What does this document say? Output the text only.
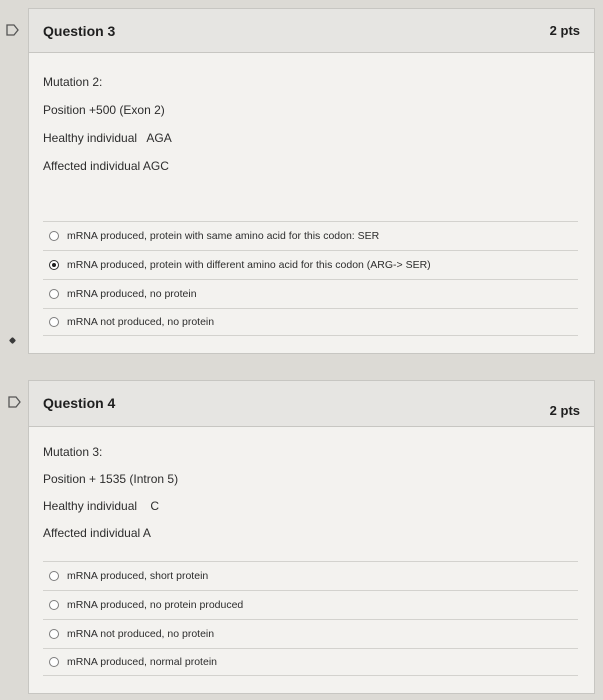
Question 3	2 pts
Mutation 2:
Position +500 (Exon 2)
Healthy individual   AGA
Affected individual AGC
mRNA produced, protein with same amino acid for this codon: SER
mRNA produced, protein with different amino acid for this codon (ARG-> SER)
mRNA produced, no protein
mRNA not produced, no protein
Question 4	2 pts
Mutation 3:
Position + 1535 (Intron 5)
Healthy individual    C
Affected individual A
mRNA produced, short protein
mRNA produced, no protein produced
mRNA not produced, no protein
mRNA produced, normal protein
